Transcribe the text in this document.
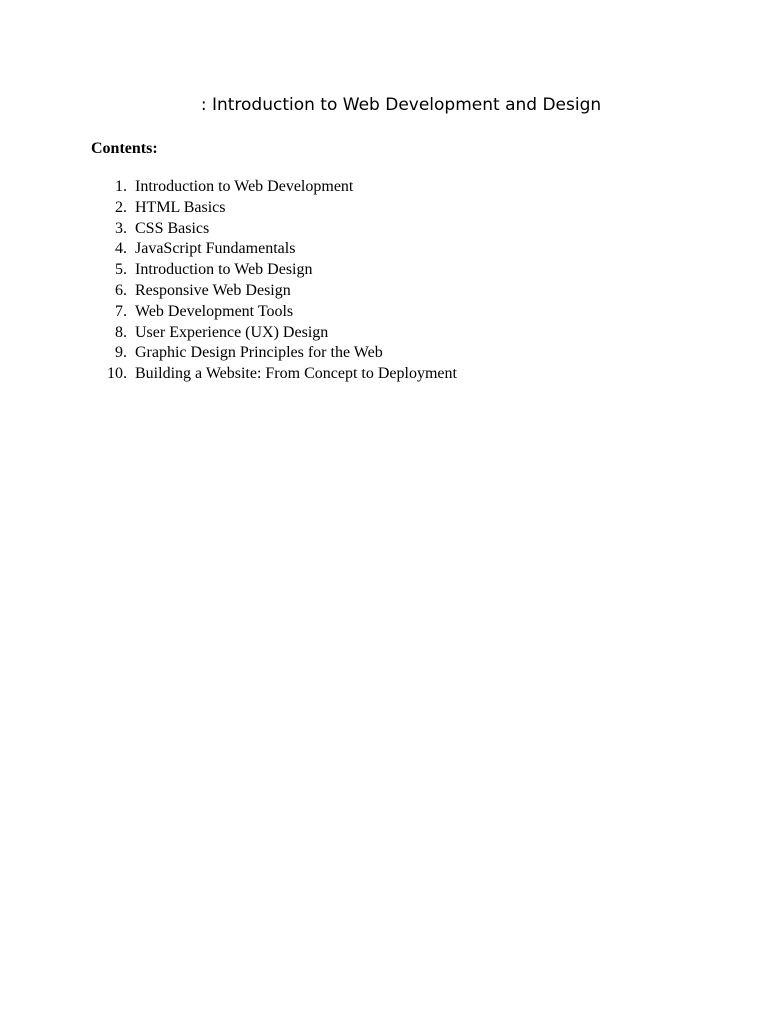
: Introduction to Web Development and Design

Contents:

1. Introduction to Web Development
2. HTML Basics
3. CSS Basics
4. JavaScript Fundamentals
5. Introduction to Web Design
6. Responsive Web Design
7. Web Development Tools
8. User Experience (UX) Design
9. Graphic Design Principles for the Web
10. Building a Website: From Concept to Deployment
